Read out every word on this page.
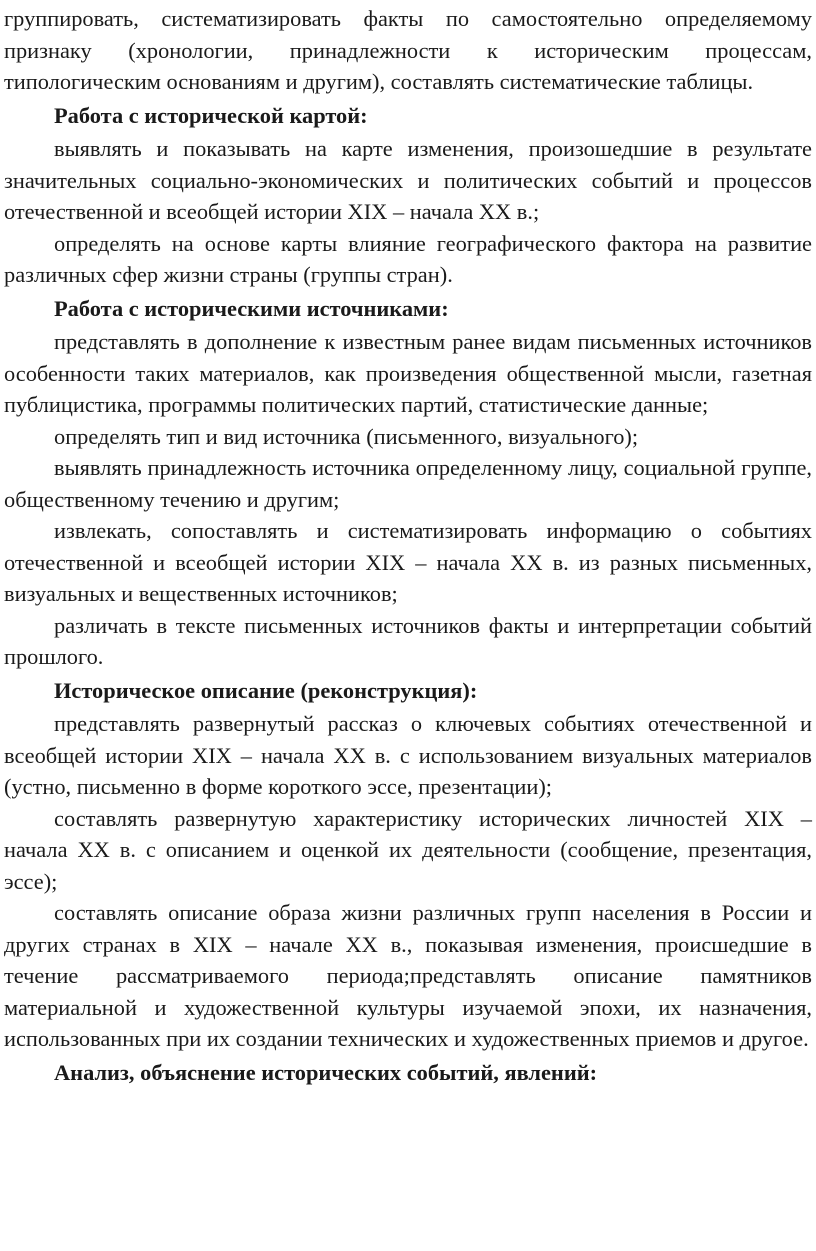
группировать, систематизировать факты по самостоятельно определяемому признаку (хронологии, принадлежности к историческим процессам, типологическим основаниям и другим), составлять систематические таблицы.

Работа с исторической картой:

выявлять и показывать на карте изменения, произошедшие в результате значительных социально-экономических и политических событий и процессов отечественной и всеобщей истории XIX – начала XX в.;

определять на основе карты влияние географического фактора на развитие различных сфер жизни страны (группы стран).

Работа с историческими источниками:

представлять в дополнение к известным ранее видам письменных источников особенности таких материалов, как произведения общественной мысли, газетная публицистика, программы политических партий, статистические данные;

определять тип и вид источника (письменного, визуального);

выявлять принадлежность источника определенному лицу, социальной группе, общественному течению и другим;

извлекать, сопоставлять и систематизировать информацию о событиях отечественной и всеобщей истории XIX – начала XX в. из разных письменных, визуальных и вещественных источников;

различать в тексте письменных источников факты и интерпретации событий прошлого.

Историческое описание (реконструкция):

представлять развернутый рассказ о ключевых событиях отечественной и всеобщей истории XIX – начала XX в. с использованием визуальных материалов (устно, письменно в форме короткого эссе, презентации);

составлять развернутую характеристику исторических личностей XIX – начала XX в. с описанием и оценкой их деятельности (сообщение, презентация, эссе);

составлять описание образа жизни различных групп населения в России и других странах в XIX – начале XX в., показывая изменения, происшедшие в течение рассматриваемого периода;представлять описание памятников материальной и художественной культуры изучаемой эпохи, их назначения, использованных при их создании технических и художественных приемов и другое.

Анализ, объяснение исторических событий, явлений:
